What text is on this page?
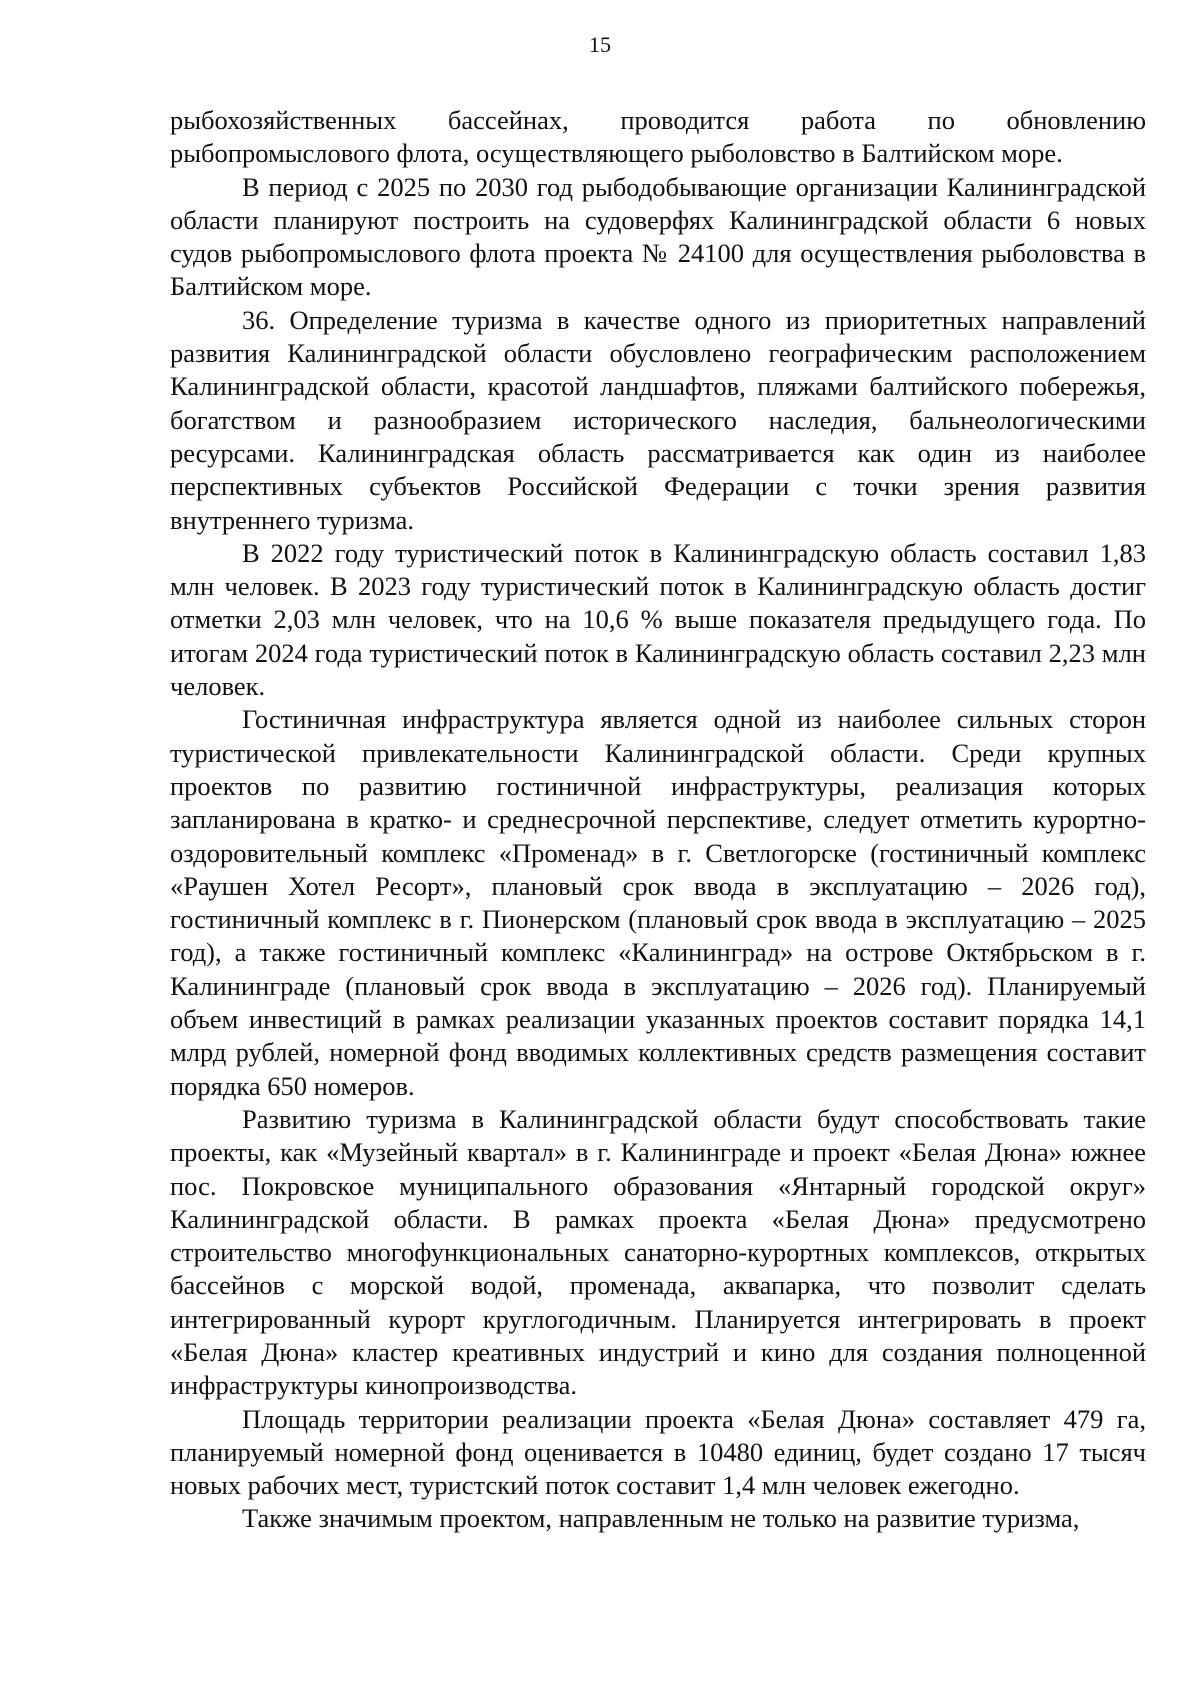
15

рыбохозяйственных бассейнах, проводится работа по обновлению рыбопромыслового флота, осуществляющего рыболовство в Балтийском море.

В период с 2025 по 2030 год рыбодобывающие организации Калининградской области планируют построить на судоверфях Калининградской области 6 новых судов рыбопромыслового флота проекта № 24100 для осуществления рыболовства в Балтийском море.

36. Определение туризма в качестве одного из приоритетных направлений развития Калининградской области обусловлено географическим расположением Калининградской области, красотой ландшафтов, пляжами балтийского побережья, богатством и разнообразием исторического наследия, бальнеологическими ресурсами. Калининградская область рассматривается как один из наиболее перспективных субъектов Российской Федерации с точки зрения развития внутреннего туризма.

В 2022 году туристический поток в Калининградскую область составил 1,83 млн человек. В 2023 году туристический поток в Калининградскую область достиг отметки 2,03 млн человек, что на 10,6 % выше показателя предыдущего года. По итогам 2024 года туристический поток в Калининградскую область составил 2,23 млн человек.

Гостиничная инфраструктура является одной из наиболее сильных сторон туристической привлекательности Калининградской области. Среди крупных проектов по развитию гостиничной инфраструктуры, реализация которых запланирована в кратко- и среднесрочной перспективе, следует отметить курортно-оздоровительный комплекс «Променад» в г. Светлогорске (гостиничный комплекс «Раушен Хотел Ресорт», плановый срок ввода в эксплуатацию – 2026 год), гостиничный комплекс в г. Пионерском (плановый срок ввода в эксплуатацию – 2025 год), а также гостиничный комплекс «Калининград» на острове Октябрьском в г. Калининграде (плановый срок ввода в эксплуатацию – 2026 год). Планируемый объем инвестиций в рамках реализации указанных проектов составит порядка 14,1 млрд рублей, номерной фонд вводимых коллективных средств размещения составит порядка 650 номеров.

Развитию туризма в Калининградской области будут способствовать такие проекты, как «Музейный квартал» в г. Калининграде и проект «Белая Дюна» южнее пос. Покровское муниципального образования «Янтарный городской округ» Калининградской области. В рамках проекта «Белая Дюна» предусмотрено строительство многофункциональных санаторно-курортных комплексов, открытых бассейнов с морской водой, променада, аквапарка, что позволит сделать интегрированный курорт круглогодичным. Планируется интегрировать в проект «Белая Дюна» кластер креативных индустрий и кино для создания полноценной инфраструктуры кинопроизводства.

Площадь территории реализации проекта «Белая Дюна» составляет 479 га, планируемый номерной фонд оценивается в 10480 единиц, будет создано 17 тысяч новых рабочих мест, туристский поток составит 1,4 млн человек ежегодно.

Также значимым проектом, направленным не только на развитие туризма,
